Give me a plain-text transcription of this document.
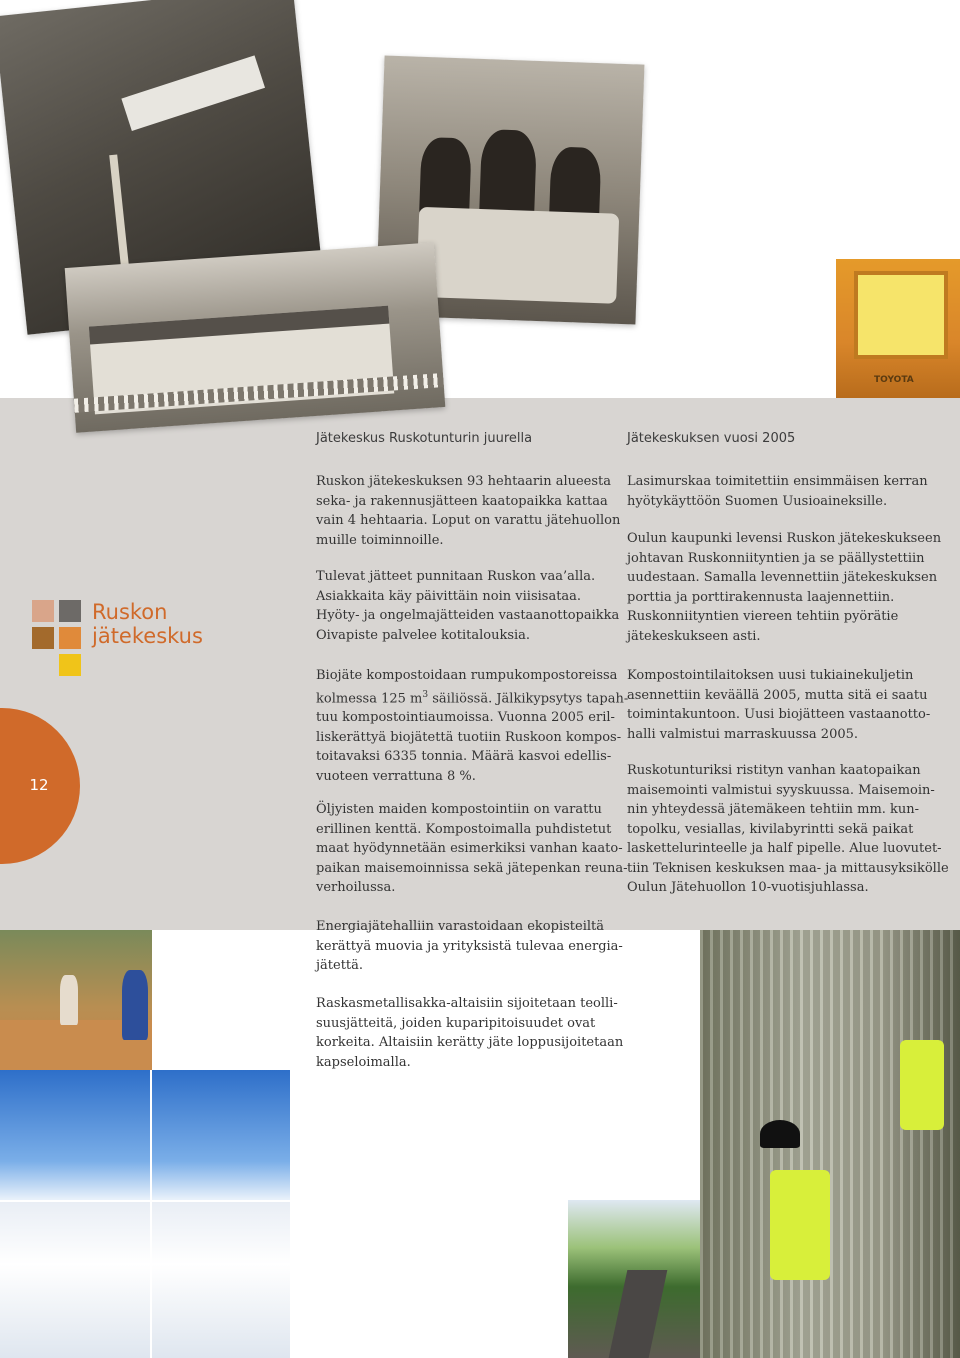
TOYOTA
Ruskon
jätekeskus
12
Jätekeskus Ruskotunturin juurella

Ruskon jätekeskuksen 93 hehtaarin alueesta
seka- ja rakennusjätteen kaatopaikka kattaa
vain 4 hehtaaria. Loput on varattu jätehuollon
muille toiminnoille.

Tulevat jätteet punnitaan Ruskon vaa’alla.
Asiakkaita käy päivittäin noin viisisataa.
Hyöty- ja ongelmajätteiden vastaanottopaikka
Oivapiste palvelee kotitalouksia.

Biojäte kompostoidaan rumpukompostoreissa
kolmessa 125 $m^3$ säiliössä. Jälkikypsytys tapah-
tuu kompostointiaumoissa. Vuonna 2005 eril-
liskerättyä biojätettä tuotiin Ruskoon kompos-
toitavaksi 6335 tonnia. Määrä kasvoi edellis-
vuoteen verrattuna 8 %.

Öljyisten maiden kompostointiin on varattu
erillinen kenttä. Kompostoimalla puhdistetut
maat hyödynnetään esimerkiksi vanhan kaato-
paikan maisemoinnissa sekä jätepenkan reuna-
verhoilussa.

Energiajätehalliin varastoidaan ekopisteiltä
kerättyä muovia ja yrityksistä tulevaa energia-
jätettä.

Raskasmetallisakka-altaisiin sijoitetaan teolli-
suusjätteitä, joiden kuparipitoisuudet ovat
korkeita. Altaisiin kerätty jäte loppusijoitetaan
kapseloimalla.

Jätekeskuksen vuosi 2005

Lasimurskaa toimitettiin ensimmäisen kerran
hyötykäyttöön Suomen Uusioaineksille.

Oulun kaupunki levensi Ruskon jätekeskukseen
johtavan Ruskonniityntien ja se päällystettiin
uudestaan. Samalla levennettiin jätekeskuksen
porttia ja porttirakennusta laajennettiin.
Ruskonniityntien viereen tehtiin pyörätie
jätekeskukseen asti.

Kompostointilaitoksen uusi tukiainekuljetin
asennettiin keväällä 2005, mutta sitä ei saatu
toimintakuntoon. Uusi biojätteen vastaanotto-
halli valmistui marraskuussa 2005.

Ruskotunturiksi ristityn vanhan kaatopaikan
maisemointi valmistui syyskuussa. Maisemoin-
nin yhteydessä jätemäkeen tehtiin mm. kun-
topolku, vesiallas, kivilabyrintti sekä paikat
laskettelurinteelle ja half pipelle. Alue luovutet-
tiin Teknisen keskuksen maa- ja mittausyksiköllе
Oulun Jätehuollon 10-vuotisjuhlassa.
